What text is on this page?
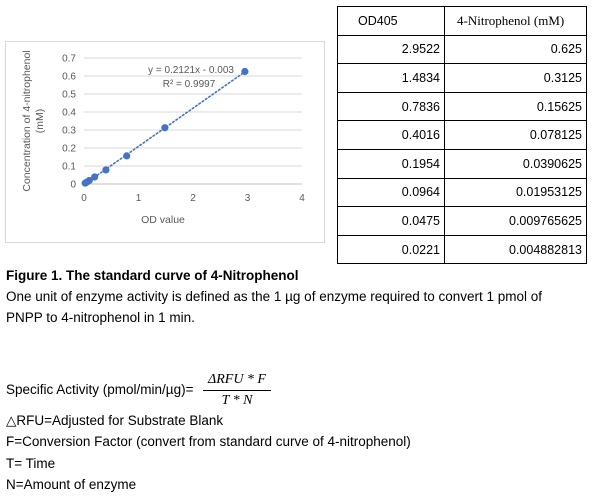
0
0.1
0.2
0.3
0.4
0.5
0.6
0.7
0	1	2	3	4
OD value
Concentration of 4-nitrophenol(mM)
y = 0.2121x - 0.003
R² = 0.9997
OD405	4-Nitrophenol (mM)
2.9522	0.625
1.4834	0.3125
0.7836	0.15625
0.4016	0.078125
0.1954	0.0390625
0.0964	0.01953125
0.0475	0.009765625
0.0221	0.004882813
Figure 1. The standard curve of 4-Nitrophenol
One unit of enzyme activity is defined as the 1 µg of enzyme required to convert 1 pmol of
PNPP to 4-nitrophenol in 1 min.
Specific Activity (pmol/min/µg)=
ΔRFU * F
T * N
△RFU=Adjusted for Substrate Blank
F=Conversion Factor (convert from standard curve of 4-nitrophenol)
T= Time
N=Amount of enzyme
